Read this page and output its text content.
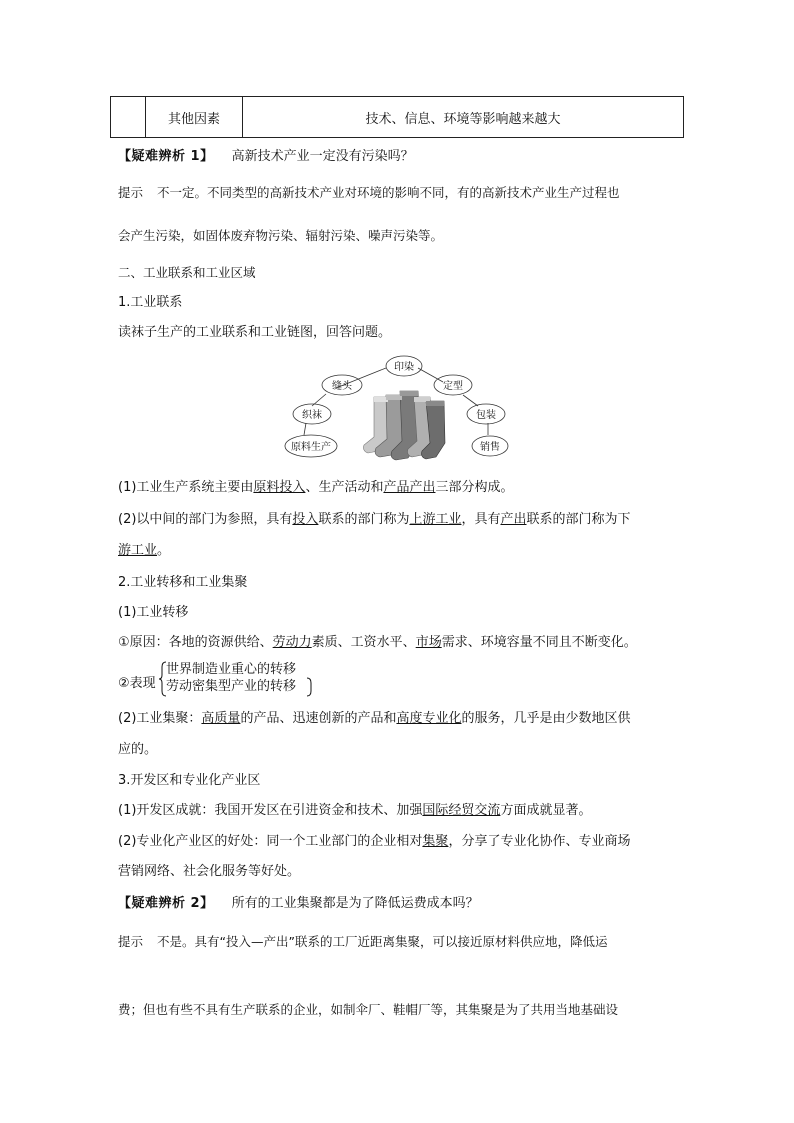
其他因素	技术、信息、环境等影响越来越大
【疑难辨析 1】 高新技术产业一定没有污染吗？
提示 不一定。不同类型的高新技术产业对环境的影响不同，有的高新技术产业生产过程也
会产生污染，如固体废弃物污染、辐射污染、噪声污染等。
二、工业联系和工业区域
1.工业联系
读袜子生产的工业联系和工业链图，回答问题。
印染
缝头	定型
织袜	包装
原料生产	销售
(1)工业生产系统主要由原料投入、生产活动和产品产出三部分构成。
(2)以中间的部门为参照，具有投入联系的部门称为上游工业，具有产出联系的部门称为下
游工业。
2.工业转移和工业集聚
(1)工业转移
①原因：各地的资源供给、劳动力素质、工资水平、市场需求、环境容量不同且不断变化。
②表现
世界制造业重心的转移
劳动密集型产业的转移
(2)工业集聚：高质量的产品、迅速创新的产品和高度专业化的服务，几乎是由少数地区供
应的。
3.开发区和专业化产业区
(1)开发区成就：我国开发区在引进资金和技术、加强国际经贸交流方面成就显著。
(2)专业化产业区的好处：同一个工业部门的企业相对集聚，分享了专业化协作、专业商场
营销网络、社会化服务等好处。
【疑难辨析 2】 所有的工业集聚都是为了降低运费成本吗？
提示 不是。具有“投入—产出”联系的工厂近距离集聚，可以接近原材料供应地，降低运
费；但也有些不具有生产联系的企业，如制伞厂、鞋帽厂等，其集聚是为了共用当地基础设
